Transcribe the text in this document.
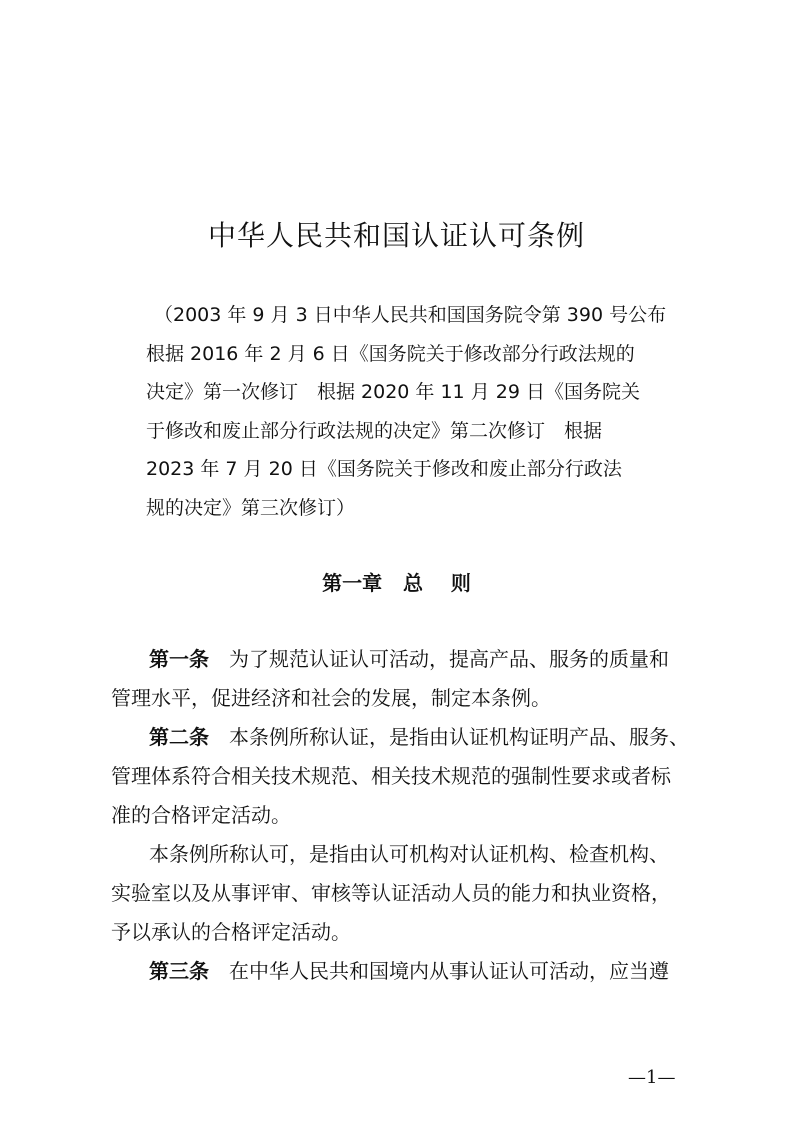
中华人民共和国认证认可条例
（2003 年 9 月 3 日中华人民共和国国务院令第 390 号公布
根据 2016 年 2 月 6 日《国务院关于修改部分行政法规的
决定》第一次修订　根据 2020 年 11 月 29 日《国务院关
于修改和废止部分行政法规的决定》第二次修订　根据
2023 年 7 月 20 日《国务院关于修改和废止部分行政法
规的决定》第三次修订）
第一章   总    则
第一条 为了规范认证认可活动，提高产品、服务的质量和
管理水平，促进经济和社会的发展，制定本条例。
第二条 本条例所称认证，是指由认证机构证明产品、服务、
管理体系符合相关技术规范、相关技术规范的强制性要求或者标
准的合格评定活动。
本条例所称认可，是指由认可机构对认证机构、检查机构、
实验室以及从事评审、审核等认证活动人员的能力和执业资格，
予以承认的合格评定活动。
第三条 在中华人民共和国境内从事认证认可活动，应当遵
—1—
